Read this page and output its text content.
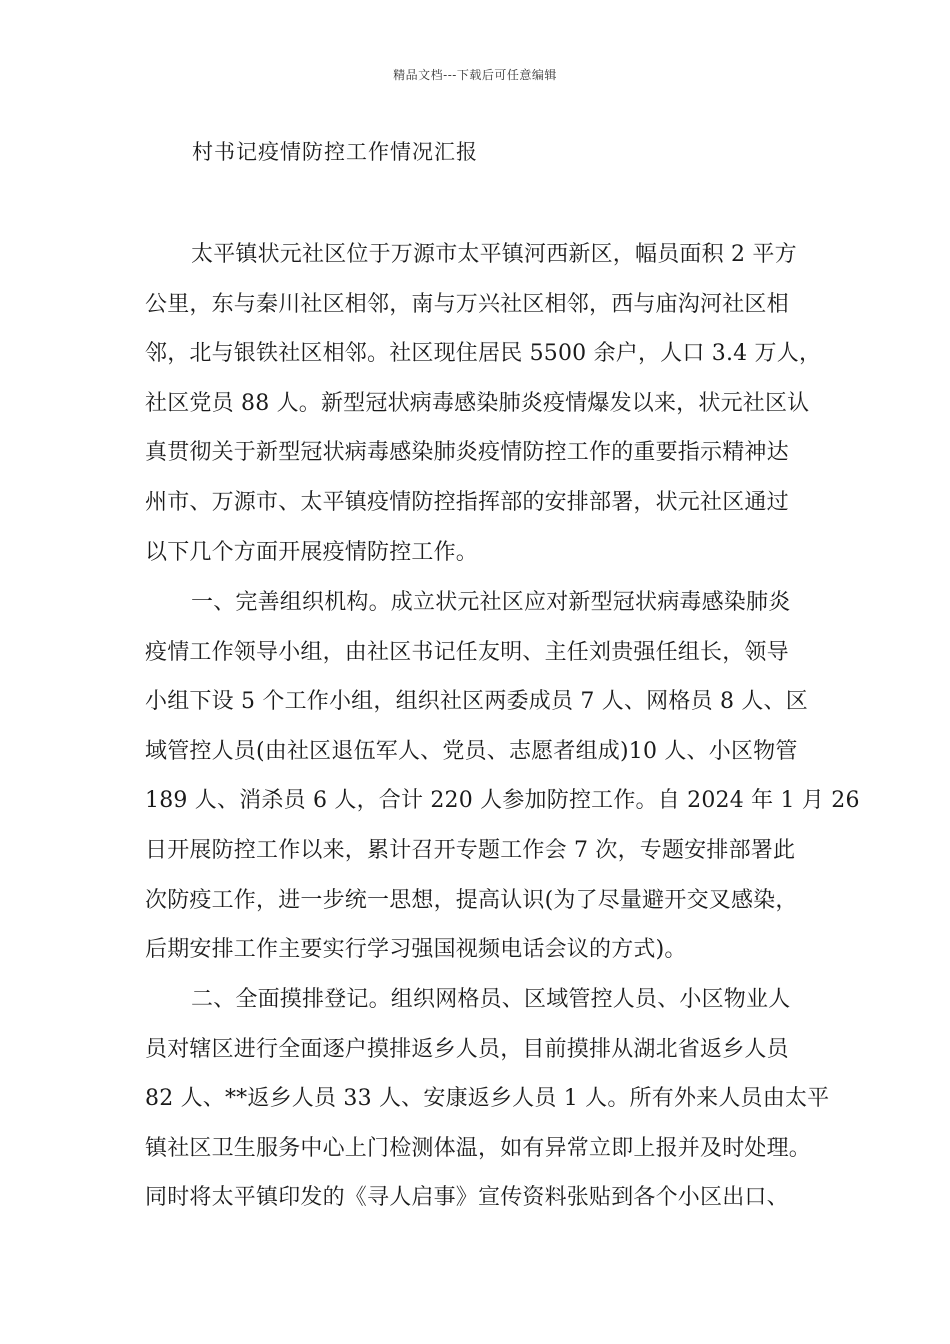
精品文档---下载后可任意编辑
村书记疫情防控工作情况汇报
太平镇状元社区位于万源市太平镇河西新区，幅员面积 2 平方
公里，东与秦川社区相邻，南与万兴社区相邻，西与庙沟河社区相
邻，北与银铁社区相邻。社区现住居民 5500 余户，人口 3.4 万人，
社区党员 88 人。新型冠状病毒感染肺炎疫情爆发以来，状元社区认
真贯彻关于新型冠状病毒感染肺炎疫情防控工作的重要指示精神达
州市、万源市、太平镇疫情防控指挥部的安排部署，状元社区通过
以下几个方面开展疫情防控工作。
一、完善组织机构。成立状元社区应对新型冠状病毒感染肺炎
疫情工作领导小组，由社区书记任友明、主任刘贵强任组长，领导
小组下设 5 个工作小组，组织社区两委成员 7 人、网格员 8 人、区
域管控人员(由社区退伍军人、党员、志愿者组成)10 人、小区物管
189 人、消杀员 6 人，合计 220 人参加防控工作。自 2024 年 1 月 26
日开展防控工作以来，累计召开专题工作会 7 次，专题安排部署此
次防疫工作，进一步统一思想，提高认识(为了尽量避开交叉感染，
后期安排工作主要实行学习强国视频电话会议的方式)。
二、全面摸排登记。组织网格员、区域管控人员、小区物业人
员对辖区进行全面逐户摸排返乡人员，目前摸排从湖北省返乡人员
82 人、**返乡人员 33 人、安康返乡人员 1 人。所有外来人员由太平
镇社区卫生服务中心上门检测体温，如有异常立即上报并及时处理。
同时将太平镇印发的《寻人启事》宣传资料张贴到各个小区出口、
